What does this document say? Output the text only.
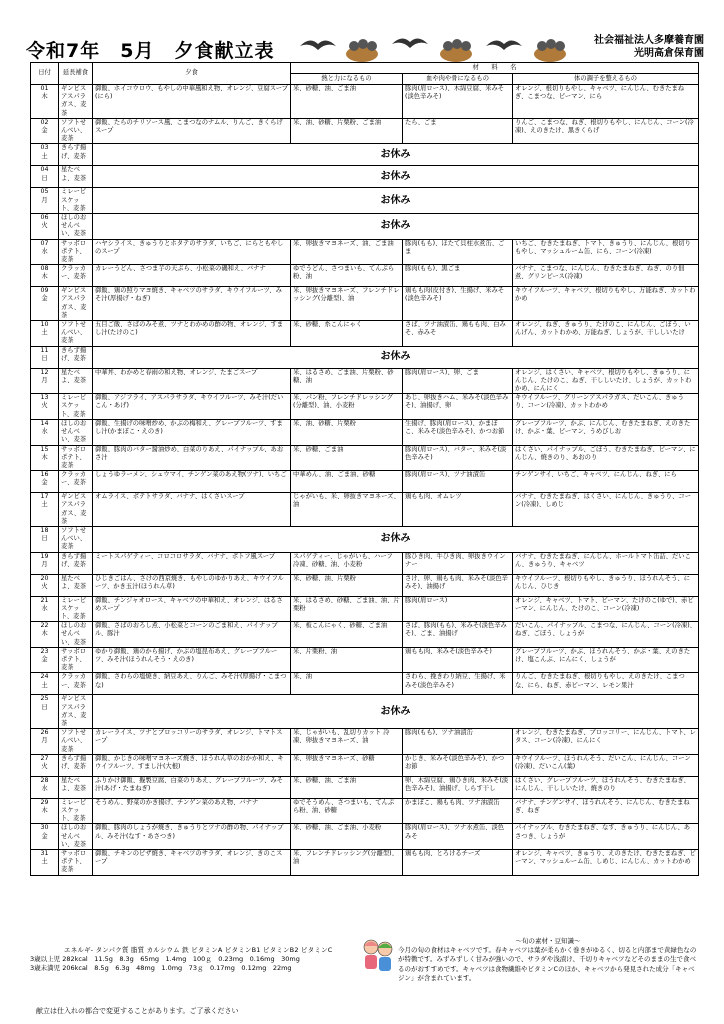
令和7年　5月　夕食献立表	社会福祉法人多摩養育園
光明高倉保育園
日付	延長補食	夕食	材　　料　　名		
			熱と力になるもの	血や肉や骨になるもの	体の調子を整えるもの

01
木	ギンビスアスパラガス、麦茶	御飯、ホイコウロウ、もやしの中華風和え物、オレンジ、豆腐スープ(にら)	米、砂糖、油、ごま油	豚肉(肩ロース)、木綿豆腐、米みそ(淡色辛みそ)	オレンジ、根切りもやし、キャベツ、にんじん、むきたまねぎ、こまつな、ピーマン、にら

02
金	ソフトせんべい、麦茶	御飯、たらのチリソース風、こまつなのナムル、りんご、きくらげスープ	米、油、砂糖、片栗粉、ごま油	たら、ごま	りんご、こまつな、ねぎ、根切りもやし、にんじん、コーン(冷凍)、えのきたけ、黒きくらげ

03
土	きらず揚げ、麦茶	お休み			

04
日	星たべよ、麦茶	お休み			

05
月	ミレービスケット、麦茶	お休み			

06
火	ほしのおせんべい、麦茶	お休み			

07
水	サッポロポテト、麦茶	ハヤシライス、きゅうりとホタテのサラダ、いちご、にらともやしのスープ	米、卵抜きマヨネーズ、油、ごま油	豚肉(もも)、ほたて貝柱水煮缶、ごま	いちご、むきたまねぎ、トマト、きゅうり、にんじん、根切りもやし、マッシュルーム缶、にら、コーン(冷凍)

08
木	クラッカー、麦茶	カレーうどん、さつま芋の天ぷら、小松菜の磯和え、バナナ	ゆでうどん、さつまいも、てんぷら粉、油	豚肉(もも)、黒ごま	バナナ、こまつな、にんじん、むきたまねぎ、ねぎ、のり佃煮、グリンピース(冷凍)

09
金	ギンビスアスパラガス、麦茶	御飯、鶏の照りマヨ焼き、キャベツのサラダ、キウイフルーツ、みそ汁(厚揚げ・ねぎ)	米、卵抜きマヨネーズ、フレンチドレッシング(分離型)、油	鶏もも肉(皮付き)、生揚げ、米みそ(淡色辛みそ)	キウイフルーツ、キャベツ、根切りもやし、万能ねぎ、カットわかめ

10
土	ソフトせんべい、麦茶	五目ご飯、さばのみそ煮、ツナとわかめの酢の物、オレンジ、すまし汁(たけのこ)	米、砂糖、糸こんにゃく	さば、ツナ油漬缶、鶏もも肉、白みそ、赤みそ	オレンジ、ねぎ、きゅうり、たけのこ、にんじん、ごぼう、いんげん、カットわかめ、万能ねぎ、しょうが、干ししいたけ

11
日	きらず揚げ、麦茶	お休み			

12
月	星たべよ、麦茶	中華丼、わかめと春雨の和え物、オレンジ、たまごスープ	米、はるさめ、ごま油、片栗粉、砂糖、油	豚肉(肩ロース)、卵、ごま	オレンジ、はくさい、キャベツ、根切りもやし、きゅうり、にんじん、たけのこ、ねぎ、干ししいたけ、しょうが、カットわかめ、にんにく

13
火	ミレービスケット、麦茶	御飯、アジフライ、アスパラサラダ、キウイフルーツ、みそ汁(だいこん・あげ)	米、パン粉、フレンチドレッシング(分離型)、油、小麦粉	あじ、卵抜きハム、米みそ(淡色辛みそ)、油揚げ、卵	キウイフルーツ、グリーンアスパラガス、だいこん、きゅうり、コーン(冷凍)、カットわかめ

14
水	ほしのおせんべい、麦茶	御飯、生揚げの味噌炒め、かぶの梅和え、グレープフルーツ、すまし汁(かまぼこ・えのき)	米、油、砂糖、片栗粉	生揚げ、豚肉(肩ロース)、かまぼこ、米みそ(淡色辛みそ)、かつお節	グレープフルーツ、かぶ、にんじん、むきたまねぎ、えのきたけ、かぶ・葉、ピーマン、うめびしお

15
木	サッポロポテト、麦茶	御飯、豚肉のバター醤油炒め、白菜のりあえ、パイナップル、あおさ汁	米、砂糖、ごま油	豚肉(肩ロース)、バター、米みそ(淡色辛みそ)	はくさい、パイナップル、ごぼう、むきたまねぎ、ピーマン、にんじん、焼きのり、あおのり

16
金	クラッカー、麦茶	しょうゆラーメン、シュウマイ、チンゲン菜のあえ物(ツナ)、いちご	中華めん、油、ごま油、砂糖	豚肉(肩ロース)、ツナ油漬缶	チンゲンサイ、いちご、キャベツ、にんじん、ねぎ、にら

17
土	ギンビスアスパラガス、麦茶	オムライス、ポテトサラダ、バナナ、はくさいスープ	じゃがいも、米、卵抜きマヨネーズ、油	鶏もも肉、オムレツ	バナナ、むきたまねぎ、はくさい、にんじん、きゅうり、コーン(冷凍)、しめじ

18
日	ソフトせんべい、麦茶	お休み			

19
月	きらず揚げ、麦茶	ミートスパゲティー、コロコロサラダ、バナナ、ポトフ風スープ	スパゲティー、じゃがいも、ハーフ　冷凍、砂糖、油、小麦粉	豚ひき肉、牛ひき肉、卵抜きウインナー	バナナ、むきたまねぎ、にんじん、ホールトマト缶詰、だいこん、きゅうり、キャベツ

20
火	星たべよ、麦茶	ひじきごはん、さけの西京焼き、もやしのゆかりあえ、キウイフルーツ、かき玉汁(ほうれん草)	米、砂糖、油、片栗粉	さけ、卵、鶏もも肉、米みそ(淡色辛みそ)、油揚げ	キウイフルーツ、根切りもやし、きゅうり、ほうれんそう、にんじん、ひじき

21
水	ミレービスケット、麦茶	御飯、チンジャオロース、キャベツの中華和え、オレンジ、はるさめスープ	米、はるさめ、砂糖、ごま油、油、片栗粉	豚肉(肩ロース)	オレンジ、キャベツ、トマト、ピーマン、たけのこ(ゆで)、赤ピーマン、にんじん、たけのこ、コーン(冷凍)

22
木	ほしのおせんべい、麦茶	御飯、さばのおろし煮、小松菜とコーンのごま和え、パイナップル、豚汁	米、板こんにゃく、砂糖、ごま油	さば、豚肉(もも)、米みそ(淡色辛みそ)、ごま、油揚げ	だいこん、パイナップル、こまつな、にんじん、コーン(冷凍)、ねぎ、ごぼう、しょうが

23
金	サッポロポテト、麦茶	ゆかり御飯、鶏のから揚げ、かぶの塩昆布あえ、グレープフルーツ、みそ汁(ほうれんそう・えのき)	米、片栗粉、油	鶏もも肉、米みそ(淡色辛みそ)	グレープフルーツ、かぶ、ほうれんそう、かぶ・葉、えのきたけ、塩こんぶ、にんにく、しょうが

24
土	クラッカー、麦茶	御飯、さわらの塩焼き、納豆あえ、りんご、みそ汁(厚揚げ・こまつな)	米、油	さわら、挽きわり納豆、生揚げ、米みそ(淡色辛みそ)	りんご、むきたまねぎ、根切りもやし、えのきたけ、こまつな、にら、ねぎ、赤ピーマン、レモン果汁

25
日	ギンビスアスパラガス、麦茶	お休み			

26
月	ソフトせんべい、麦茶	カレーライス、ツナとブロッコリーのサラダ、オレンジ、トマトスープ	米、じゃがいも、乱切りカット 冷凍、卵抜きマヨネーズ、油	豚肉(もも)、ツナ油漬缶	オレンジ、むきたまねぎ、ブロッコリー、にんじん、トマト、レタス、コーン(冷凍)、にんにく

27
火	きらず揚げ、麦茶	御飯、かじきの味噌マヨネーズ焼き、ほうれん草のおかか和え、キウイフルーツ、すまし汁(大根)	米、卵抜きマヨネーズ、砂糖	かじき、米みそ(淡色辛みそ)、かつお節	キウイフルーツ、ほうれんそう、だいこん、にんじん、コーン(冷凍)、だいこん(葉)

28
水	星たべよ、麦茶	ふりかけ御飯、擬製豆腐、白菜のりあえ、グレープフルーツ、みそ汁(あげ・たまねぎ)	米、砂糖、油、ごま油	卵、木綿豆腐、鶏ひき肉、米みそ(淡色辛みそ)、油揚げ、しらす干し	はくさい、グレープフルーツ、ほうれんそう、むきたまねぎ、にんじん、干ししいたけ、焼きのり

29
木	ミレービスケット、麦茶	そうめん、野菜のかき揚げ、チンゲン菜のあえ物、バナナ	ゆでそうめん、さつまいも、てんぷら粉、油、砂糖	かまぼこ、鶏もも肉、ツナ油漬缶	バナナ、チンゲンサイ、ほうれんそう、にんじん、むきたまねぎ、ねぎ

30
金	ほしのおせんべい、麦茶	御飯、豚肉のしょうが焼き、きゅうりとツナの酢の物、パイナップル、みそ汁(なす・あさつき)	米、砂糖、油、ごま油、小麦粉	豚肉(肩ロース)、ツナ水煮缶、淡色みそ	パイナップル、むきたまねぎ、なす、きゅうり、にんじん、あさつき、しょうが

31
土	サッポロポテト、麦茶	御飯、チキンのピザ焼き、キャベツのサラダ、オレンジ、きのこスープ	米、フレンチドレッシング(分離型)、油	鶏もも肉、とろけるチーズ	オレンジ、キャベツ、きゅうり、えのきたけ、むきたまねぎ、ピーマン、マッシュルーム缶、しめじ、にんじん、カットわかめ
エネルギ- タンパク質 脂質 カルシウム 鉄 ビタミンA ビタミンB1 ビタミンB2 ビタミンC
3歳以上児 282kcal　11.5g　8.3g　65mg　1.4mg　100ｇ　0.23mg　0.16mg　30mg
3歳未満児 206kcal　8.5g　6.3g　48mg　1.0mg　73ｇ　0.17mg　0.12mg　22mg
～旬の素材・豆知識～
今月の旬の食材はキャベツです。春キャベツは葉が柔らかく巻きがゆるく、切ると内部まで黄緑色なのが特徴です。みずみずしく甘みが強いので、サラダや浅漬け、千切りキャベツなどそのままの生で食べるのがおすすめです。キャベツは食物繊維やビタミンCのほか、キャベツから発見された成分「キャベジン」が含まれています。
献立は仕入れの都合で変更することがあります。ご了承ください
